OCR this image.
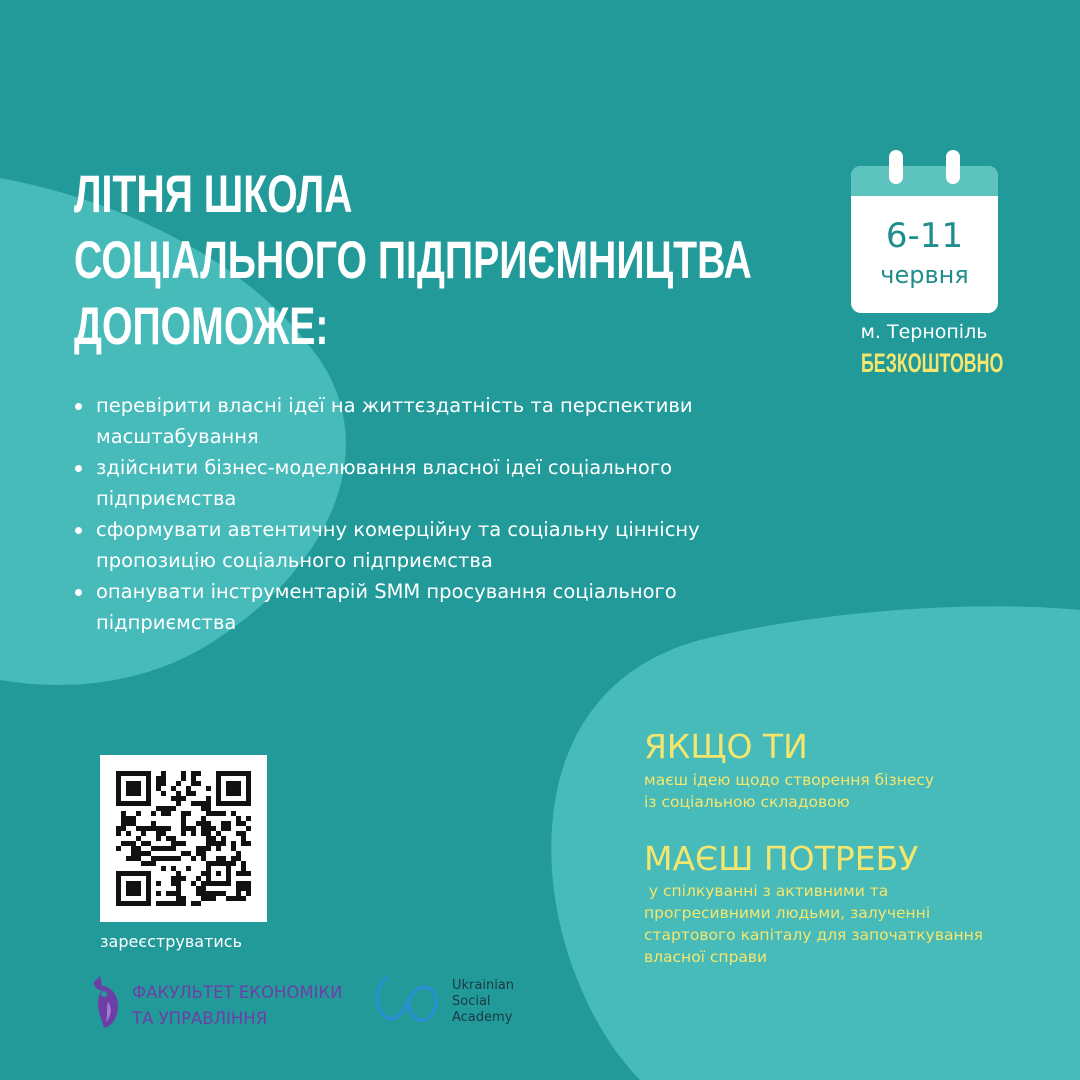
ЛІТНЯ ШКОЛА
СОЦІАЛЬНОГО ПІДПРИЄМНИЦТВА
ДОПОМОЖЕ:
перевірити власні ідеї на життєздатність та перспективи
масштабування
здійснити бізнес-моделювання власної ідеї соціального
підприємства
сформувати автентичну комерційну та соціальну ціннісну
пропозицію соціального підприємства
опанувати інструментарій SMM просування соціального
підприємства
6-11
червня
м. Тернопіль
БЕЗКОШТОВНО
зареєструватись
ФАКУЛЬТЕТ ЕКОНОМІКИ
ТА УПРАВЛІННЯ
Ukrainian
Social
Academy
ЯКЩО ТИ

маєш ідею щодо створення бізнесу
із соціальною складовою

МАЄШ ПОТРЕБУ

у спілкуванні з активними та
прогресивними людьми, залученні
стартового капіталу для започаткування
власної справи
